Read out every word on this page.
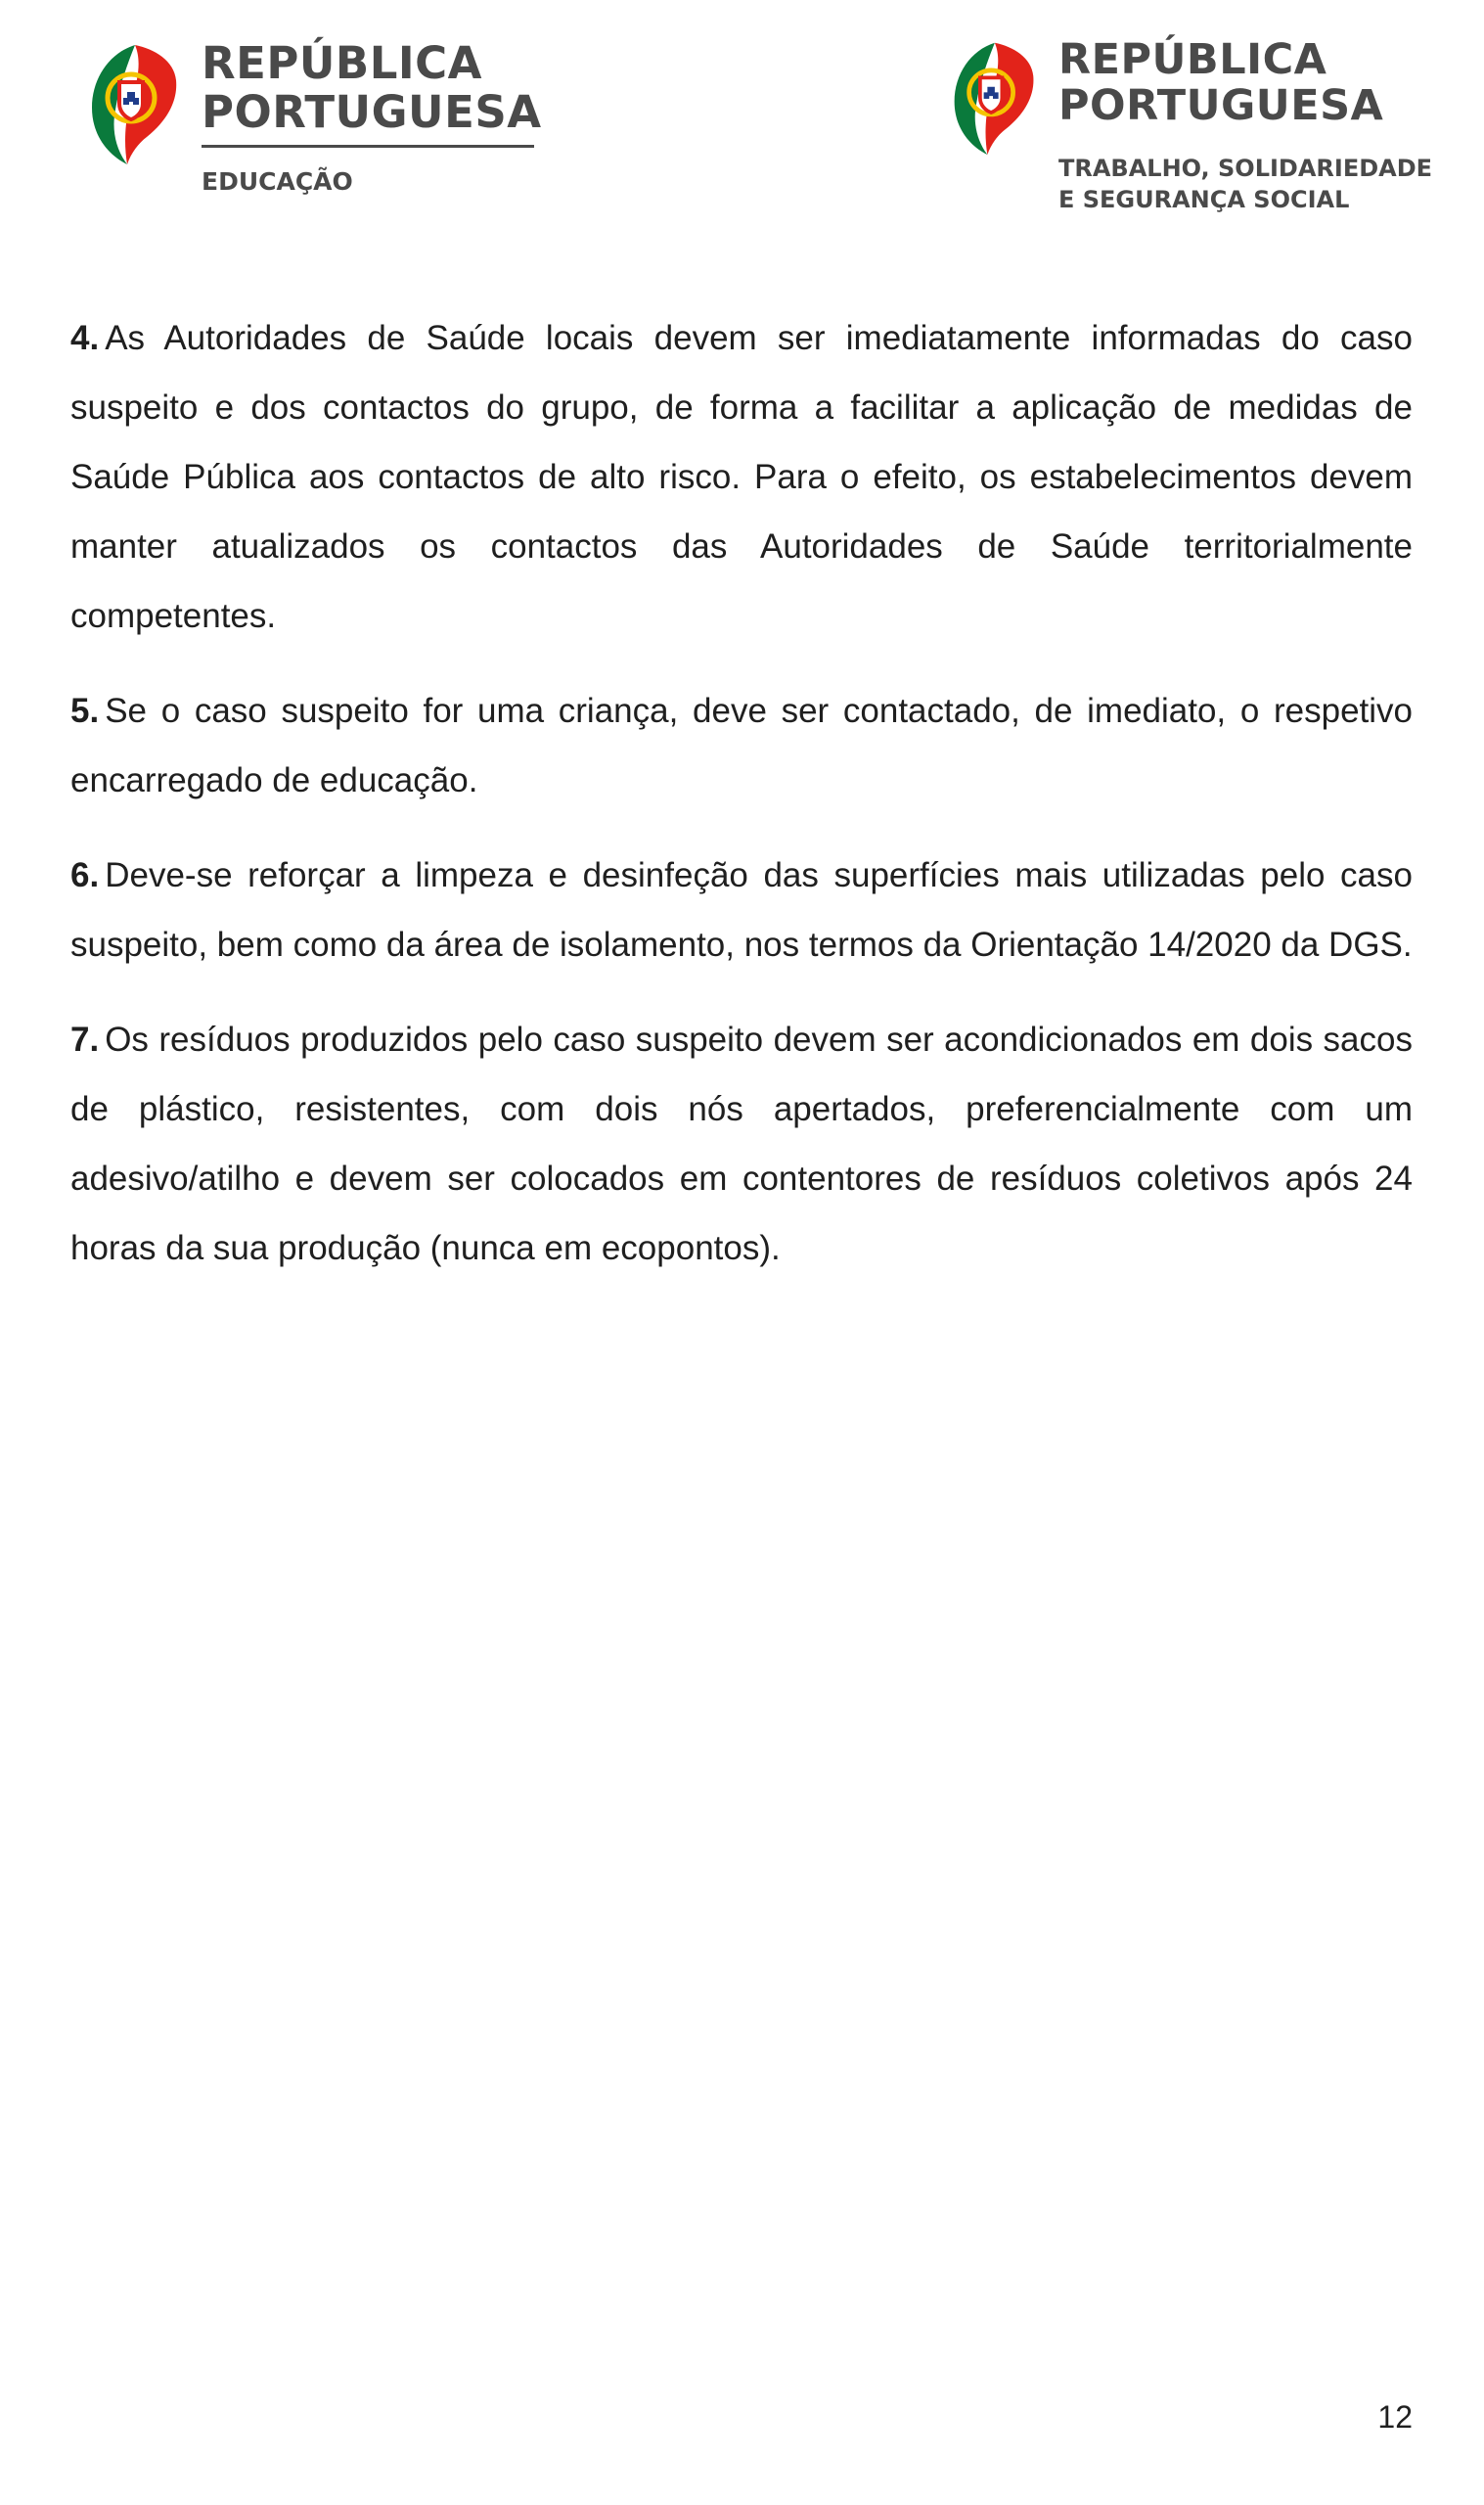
REPÚBLICA
PORTUGUESA
EDUCAÇÃO
REPÚBLICA
PORTUGUESA
TRABALHO, SOLIDARIEDADE
E SEGURANÇA SOCIAL

4. As Autoridades de Saúde locais devem ser imediatamente informadas do caso suspeito e dos contactos do grupo, de forma a facilitar a aplicação de medidas de Saúde Pública aos contactos de alto risco. Para o efeito, os estabelecimentos devem manter atualizados os contactos das Autoridades de Saúde territorialmente competentes.

5. Se o caso suspeito for uma criança, deve ser contactado, de imediato, o respetivo encarregado de educação.

6. Deve-se reforçar a limpeza e desinfeção das superfícies mais utilizadas pelo caso suspeito, bem como da área de isolamento, nos termos da Orientação 14/2020 da DGS.

7. Os resíduos produzidos pelo caso suspeito devem ser acondicionados em dois sacos de plástico, resistentes, com dois nós apertados, preferencialmente com um adesivo/atilho e devem ser colocados em contentores de resíduos coletivos após 24 horas da sua produção (nunca em ecopontos).

12
